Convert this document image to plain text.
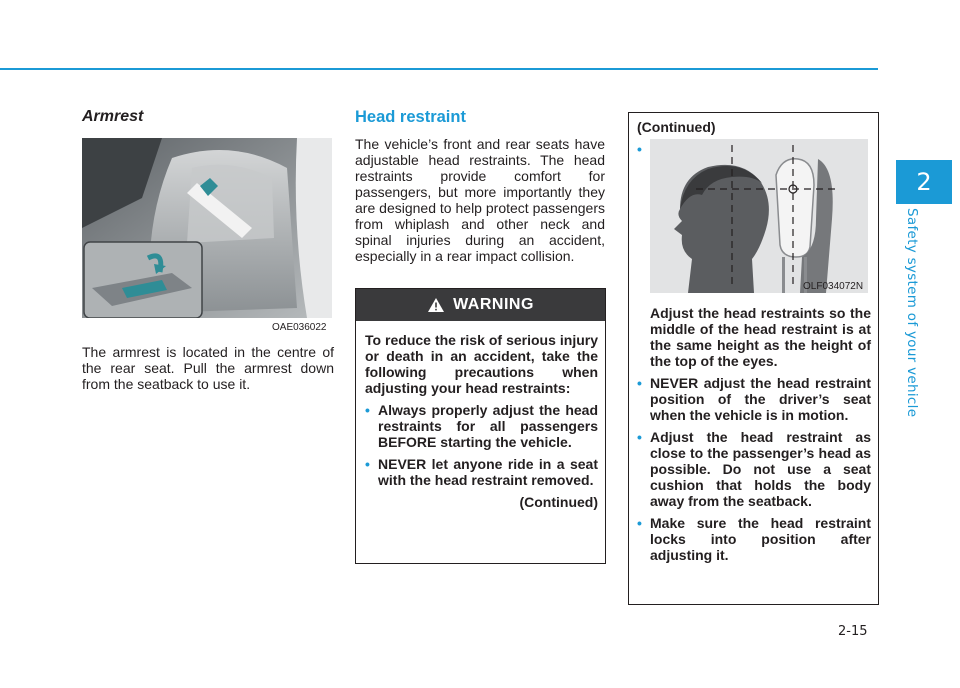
2
Safety system of your vehicle
Armrest
OAE036022
The armrest is located in the centre of the rear seat. Pull the armrest down from the seatback to use it.
Head restraint
The vehicle’s front and rear seats have adjustable head restraints. The head restraints provide comfort for passengers, but more importantly they are designed to help protect passengers from whiplash and other neck and spinal injuries during an accident, especially in a rear impact collision.
WARNING

To reduce the risk of serious injury or death in an accident, take the following precautions when adjusting your head restraints:

• Always properly adjust the head restraints for all passengers BEFORE starting the vehicle.
• NEVER let anyone ride in a seat with the head restraint removed.
(Continued)
(Continued)
•
OLF034072N

Adjust the head restraints so the middle of the head restraint is at the same height as the height of the top of the eyes.

• NEVER adjust the head restraint position of the driver’s seat when the vehicle is in motion.
• Adjust the head restraint as close to the passenger’s head as possible. Do not use a seat cushion that holds the body away from the seatback.
• Make sure the head restraint locks into position after adjusting it.
2-15
